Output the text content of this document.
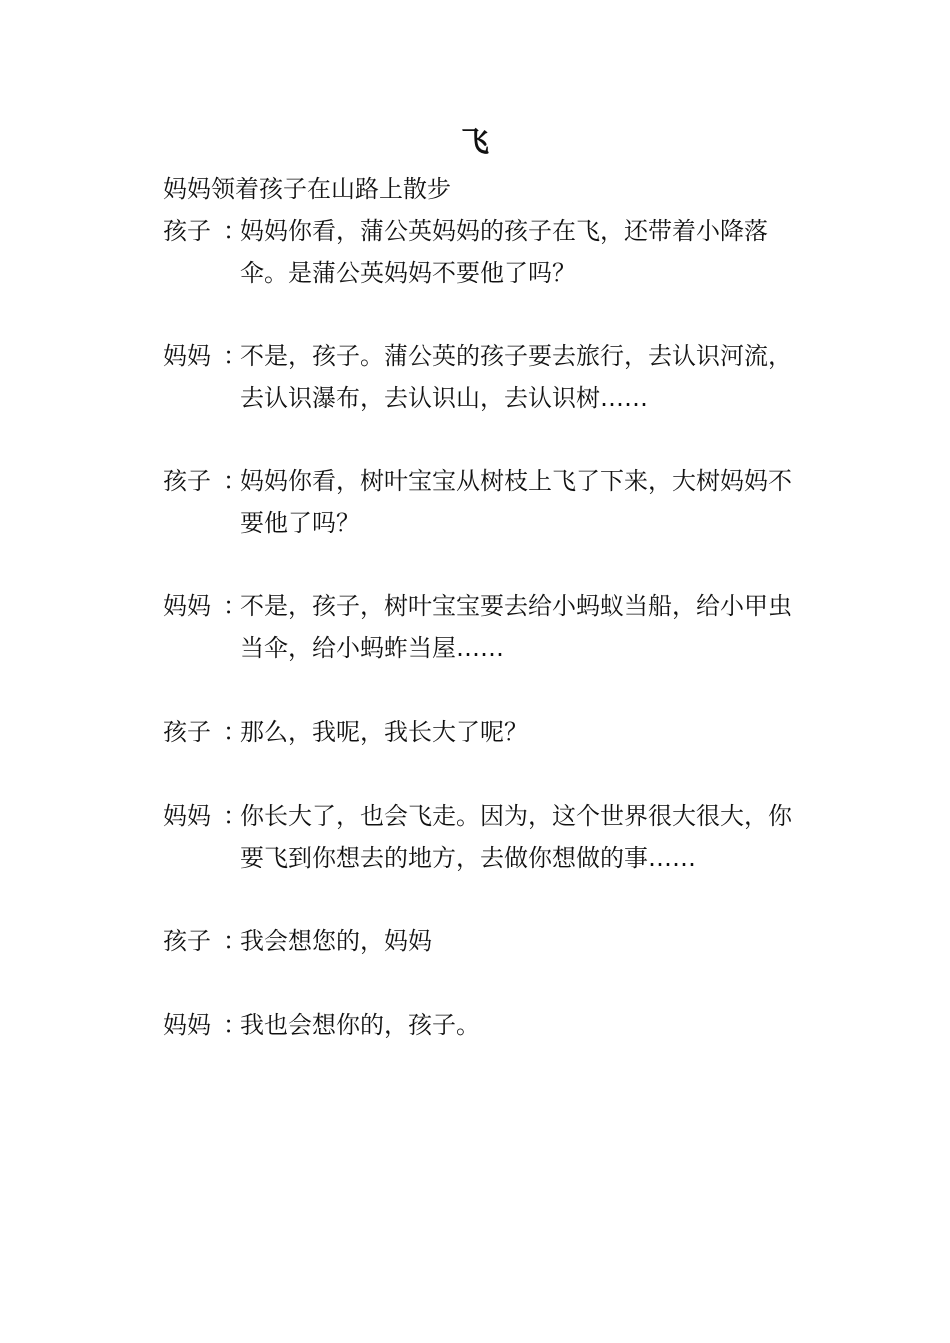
飞
妈妈领着孩子在山路上散步
孩子 ：
妈妈你看，蒲公英妈妈的孩子在飞，还带着小降落伞。是蒲公英妈妈不要他了吗？
妈妈 ：
不是，孩子。蒲公英的孩子要去旅行，去认识河流，去认识瀑布，去认识山，去认识树……
孩子 ：
妈妈你看，树叶宝宝从树枝上飞了下来，大树妈妈不要他了吗？
妈妈 ：
不是，孩子，树叶宝宝要去给小蚂蚁当船，给小甲虫当伞，给小蚂蚱当屋……
孩子 ：
那么，我呢，我长大了呢？
妈妈 ：
你长大了，也会飞走。因为，这个世界很大很大，你要飞到你想去的地方，去做你想做的事……
孩子 ：
我会想您的，妈妈
妈妈 ：
我也会想你的，孩子。
